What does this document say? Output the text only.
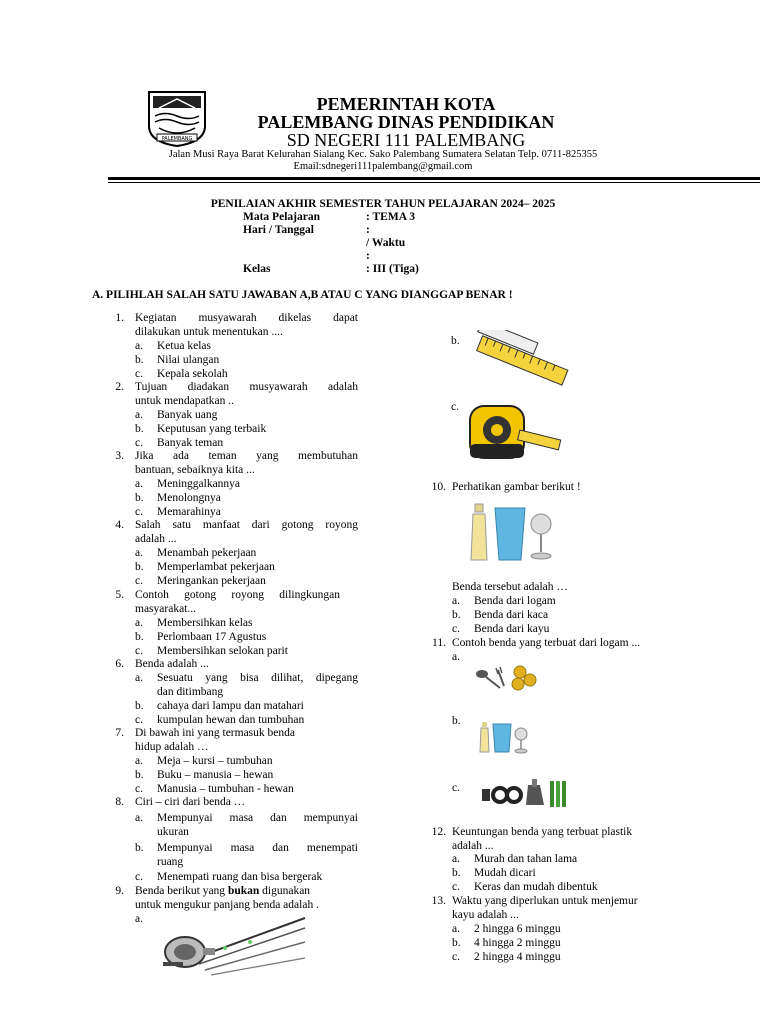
PALEMBANG
PEMERINTAH KOTA
PALEMBANG DINAS PENDIDIKAN
SD NEGERI 111 PALEMBANG
Jalan Musi Raya Barat Kelurahan Sialang Kec. Sako Palembang Sumatera Selatan Telp. 0711-825355
Email:sdnegeri111palembang@gmail.com
PENILAIAN AKHIR SEMESTER TAHUN PELAJARAN 2024– 2025
Mata Pelajaran	: TEMA 3
Hari / Tanggal	:
/ Waktu
:
Kelas	: III (Tiga)
A. PILIHLAH SALAH SATU JAWABAN A,B ATAU C YANG DIANGGAP BENAR !
1. Kegiatan musyawarah dikelas dapat
dilakukan untuk menentukan ....
a. Ketua kelas
b. Nilai ulangan
c. Kepala sekolah
2. Tujuan diadakan musyawarah adalah
untuk mendapatkan ..
a. Banyak uang
b. Keputusan yang terbaik
c. Banyak teman
3. Jika ada teman yang membutuhan
bantuan, sebaiknya kita ...
a. Meninggalkannya
b. Menolongnya
c. Memarahinya
4. Salah satu manfaat dari gotong royong
adalah ...
a. Menambah pekerjaan
b. Memperlambat pekerjaan
c. Meringankan pekerjaan
5. Contoh gotong royong dilingkungan
masyarakat...
a. Membersihkan kelas
b. Perlombaan 17 Agustus
c. Membersihkan selokan parit
6. Benda adalah ...
a.	Sesuatu yang bisa dilihat, dipegang
dan ditimbang
b. cahaya dari lampu dan matahari
c. kumpulan hewan dan tumbuhan
7. Di bawah ini yang termasuk benda
hidup adalah …
a. Meja – kursi – tumbuhan
b. Buku – manusia – hewan
c. Manusia – tumbuhan - hewan
8. Ciri – ciri dari benda …
a.	Mempunyai masa dan mempunyai
ukuran
b.	Mempunyai masa dan menempati
ruang
c. Menempati ruang dan bisa bergerak
9. Benda berikut yang bukan digunakan
untuk mengukur panjang benda adalah .
a.
b.
c.
10. Perhatikan gambar berikut !
Benda tersebut adalah …
a. Benda dari logam
b. Benda dari kaca
c. Benda dari kayu
11. Contoh benda yang terbuat dari logam ...
a.
b.
c.
12. Keuntungan benda yang terbuat plastik
adalah ...
a. Murah dan tahan lama
b. Mudah dicari
c. Keras dan mudah dibentuk
13. Waktu yang diperlukan untuk menjemur
kayu adalah ...
a. 2 hingga 6 minggu
b. 4 hingga 2 minggu
c. 2 hingga 4 minggu
